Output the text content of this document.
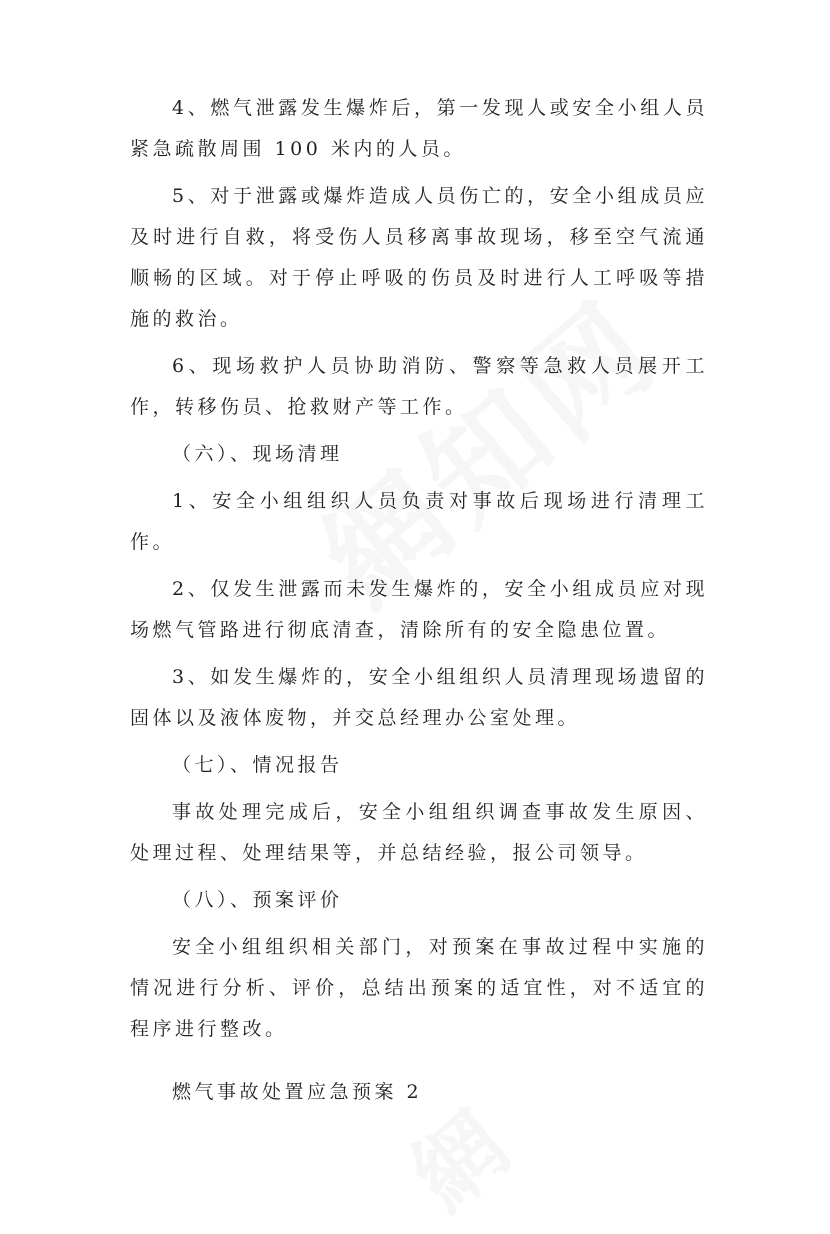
4、燃气泄露发生爆炸后，第一发现人或安全小组人员紧急疏散周围 100 米内的人员。

5、对于泄露或爆炸造成人员伤亡的，安全小组成员应及时进行自救，将受伤人员移离事故现场，移至空气流通顺畅的区域。对于停止呼吸的伤员及时进行人工呼吸等措施的救治。

6、现场救护人员协助消防、警察等急救人员展开工作，转移伤员、抢救财产等工作。

（六）、现场清理

1、安全小组组织人员负责对事故后现场进行清理工作。

2、仅发生泄露而未发生爆炸的，安全小组成员应对现场燃气管路进行彻底清查，清除所有的安全隐患位置。

3、如发生爆炸的，安全小组组织人员清理现场遗留的固体以及液体废物，并交总经理办公室处理。

（七）、情况报告

事故处理完成后，安全小组组织调查事故发生原因、处理过程、处理结果等，并总结经验，报公司领导。

（八）、预案评价

安全小组组织相关部门，对预案在事故过程中实施的情况进行分析、评价，总结出预案的适宜性，对不适宜的程序进行整改。

燃气事故处置应急预案 2
